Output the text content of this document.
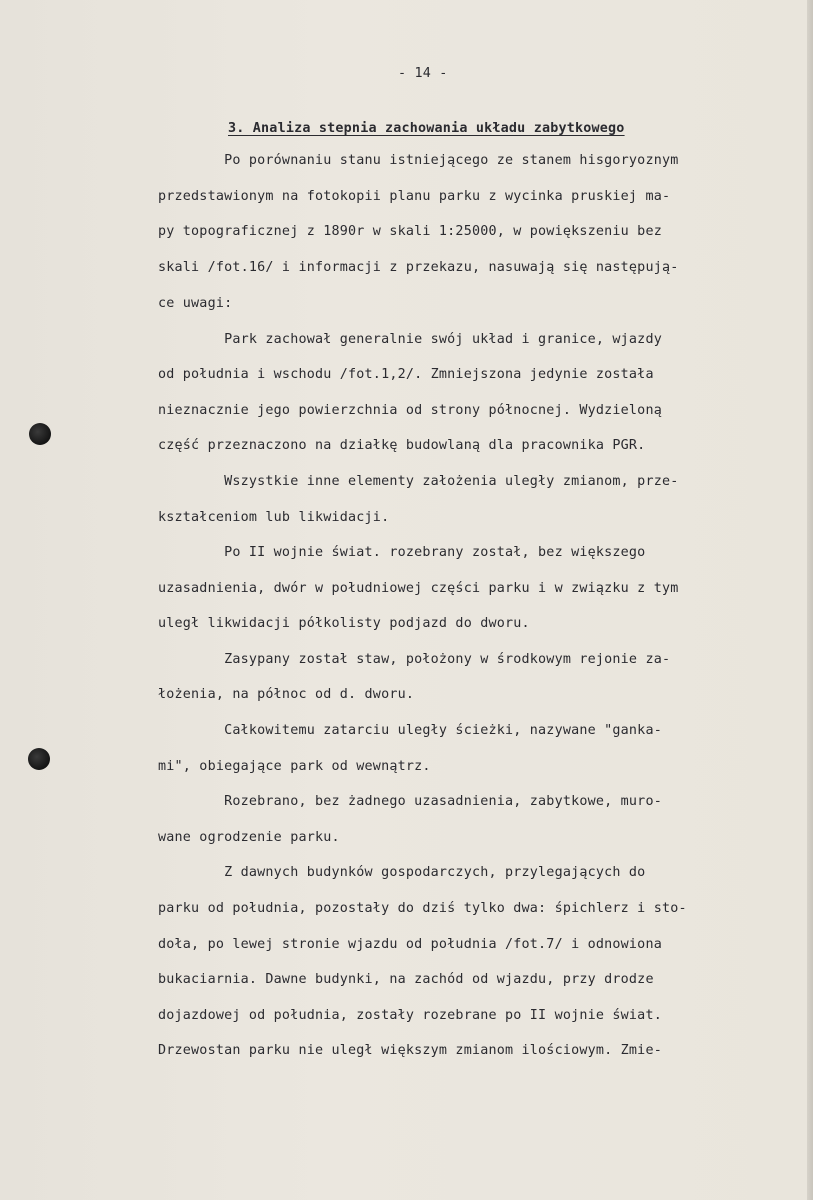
- 14 -
3. Analiza stepnia zachowania układu zabytkowego
Po porównaniu stanu istniejącego ze stanem hisgoryoznym
przedstawionym na fotokopii planu parku z wycinka pruskiej ma-
py topograficznej z 1890r w skali 1:25000, w powiększeniu bez
skali /fot.16/ i informacji z przekazu, nasuwają się następują-
ce uwagi:
Park zachował generalnie swój układ i granice, wjazdy
od południa i wschodu /fot.1,2/. Zmniejszona jedynie została
nieznacznie jego powierzchnia od strony północnej. Wydzieloną
część przeznaczono na działkę budowlaną dla pracownika PGR.
Wszystkie inne elementy założenia uległy zmianom, prze-
kształceniom lub likwidacji.
Po II wojnie świat. rozebrany został, bez większego
uzasadnienia, dwór w południowej części parku i w związku z tym
uległ likwidacji półkolisty podjazd do dworu.
Zasypany został staw, położony w środkowym rejonie za-
łożenia, na północ od d. dworu.
Całkowitemu zatarciu uległy ścieżki, nazywane "ganka-
mi", obiegające park od wewnątrz.
Rozebrano, bez żadnego uzasadnienia, zabytkowe, muro-
wane ogrodzenie parku.
Z dawnych budynków gospodarczych, przylegających do
parku od południa, pozostały do dziś tylko dwa: śpichlerz i sto-
doła, po lewej stronie wjazdu od południa /fot.7/ i odnowiona
bukaciarnia. Dawne budynki, na zachód od wjazdu, przy drodze
dojazdowej od południa, zostały rozebrane po II wojnie świat.
Drzewostan parku nie uległ większym zmianom ilościowym. Zmie-
